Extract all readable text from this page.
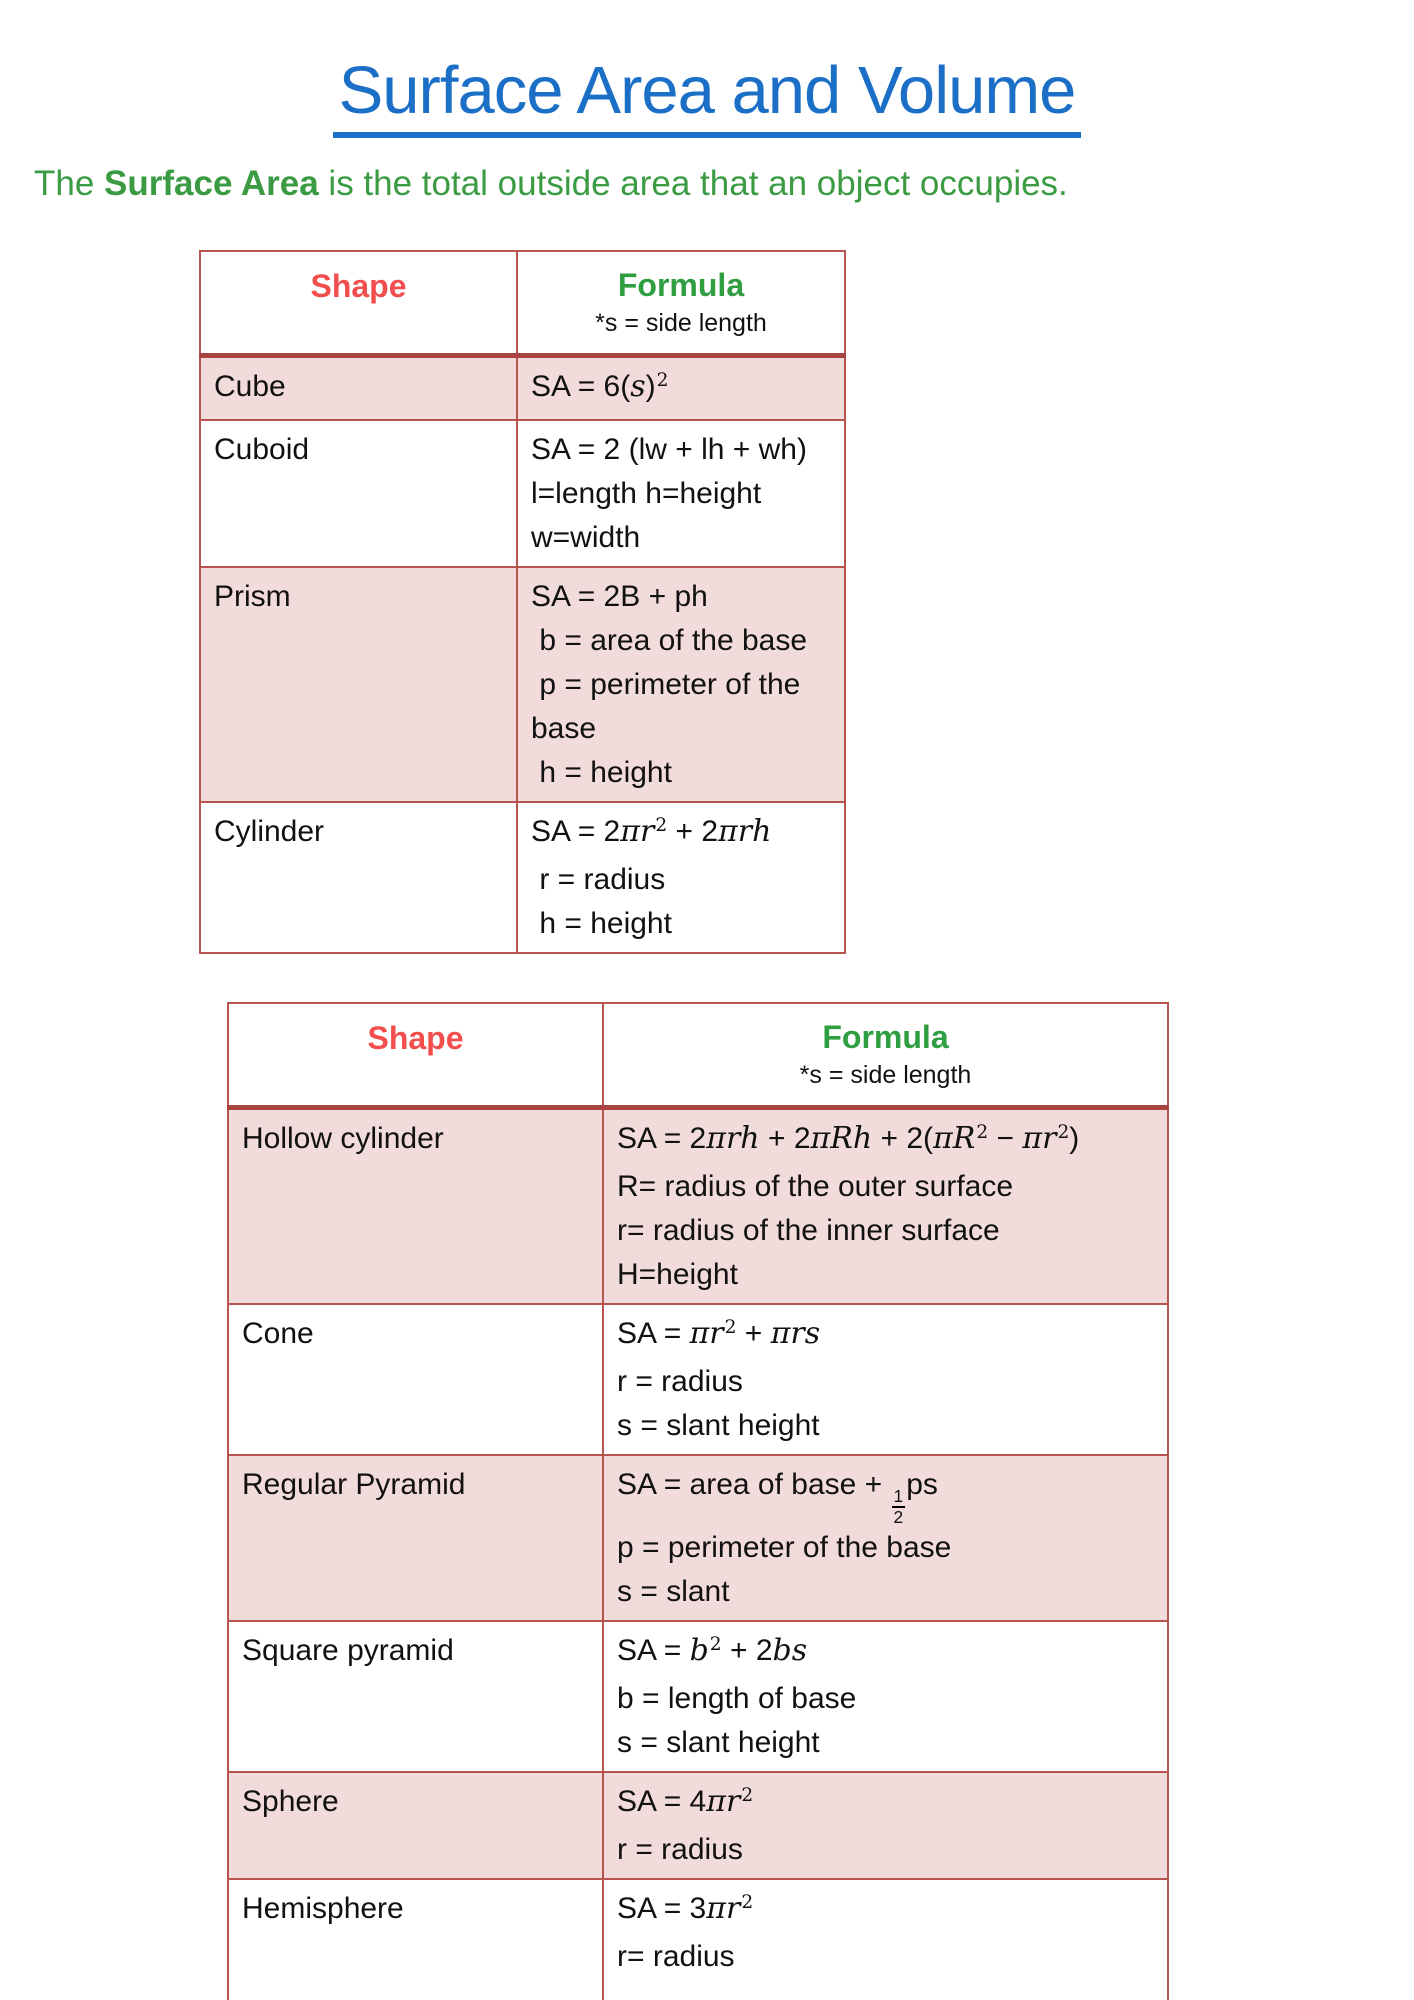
Surface Area and Volume

The Surface Area is the total outside area that an object occupies.

Shape	Formula
*s = side length

Cube	SA = $6(s)^2$

Cuboid	SA = 2 (lw + lh + wh)
l=length h=height
w=width

Prism	SA = 2B + ph
b = area of the base
p = perimeter of the base
h = height

Cylinder	SA = $2\pi r^2 + 2\pi rh$
r = radius
h = height
Shape	Formula
*s = side length

Hollow cylinder	SA = $2\pi rh + 2\pi Rh + 2(\pi R^2 - \pi r^2)$
R= radius of the outer surface
r= radius of the inner surface
H=height

Cone	SA = $\pi r^2 + \pi rs$
r = radius
s = slant height

Regular Pyramid	SA = area of base +
$\frac{1}{2}$
ps
p = perimeter of the base
s = slant

Square pyramid	SA = $b^2 + 2bs$
b = length of base
s = slant height

Sphere	SA = $4\pi r^2$
r = radius

Hemisphere	SA = $3\pi r^2$
r= radius
